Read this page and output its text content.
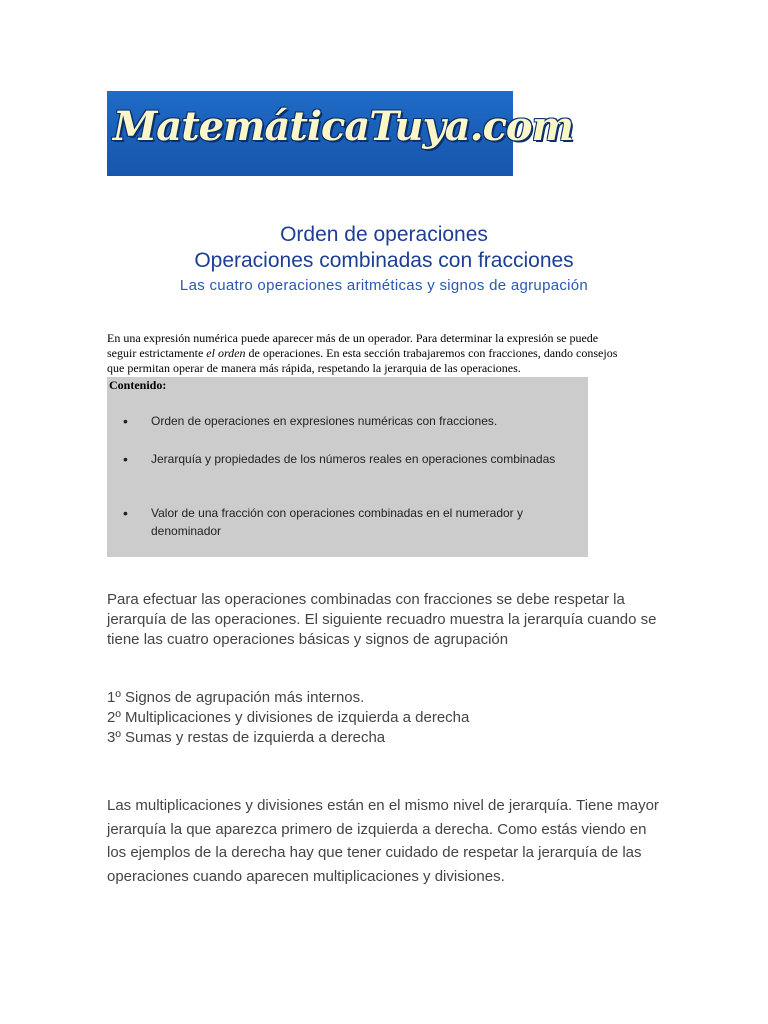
MatemáticaTuya.com
Orden de operaciones
Operaciones combinadas con fracciones
Las cuatro operaciones aritméticas y signos de agrupación
En una expresión numérica puede aparecer más de un operador. Para determinar la expresión se puede seguir estrictamente el orden de operaciones. En esta sección trabajaremos con fracciones, dando consejos que permitan operar de manera más rápida, respetando la jerarquia de las operaciones.
Contenido:
•	Orden de operaciones en expresiones numéricas con fracciones.
•	Jerarquía y propiedades de los números reales en operaciones combinadas
•	Valor de una fracción con operaciones combinadas en el numerador y denominador
Para efectuar las operaciones combinadas con fracciones se debe respetar la jerarquía de las operaciones. El siguiente recuadro muestra la jerarquía cuando se tiene las cuatro operaciones básicas y signos de agrupación
1º Signos de agrupación más internos.
2º Multiplicaciones y divisiones de izquierda a derecha
3º Sumas y restas de izquierda a derecha
Las multiplicaciones y divisiones están en el mismo nivel de jerarquía. Tiene mayor jerarquía la que aparezca primero de izquierda a derecha. Como estás viendo en los ejemplos de la derecha hay que tener cuidado de respetar la jerarquía de las operaciones cuando aparecen multiplicaciones y divisiones.
